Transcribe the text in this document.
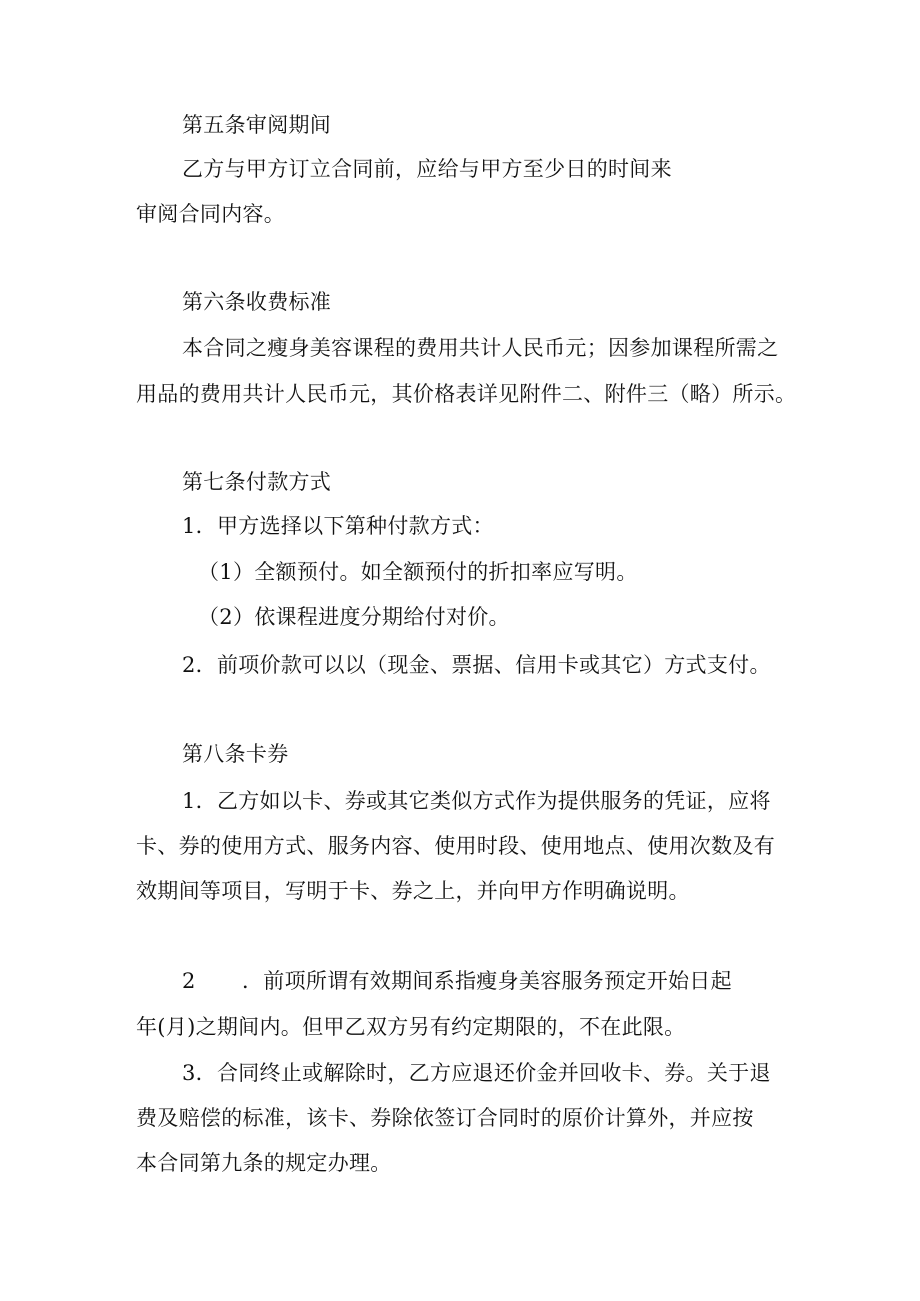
第五条审阅期间
乙方与甲方订立合同前，应给与甲方至少日的时间来
审阅合同内容。
第六条收费标准
本合同之瘦身美容课程的费用共计人民币元；因参加课程所需之
用品的费用共计人民币元，其价格表详见附件二、附件三（略）所示。
第七条付款方式
1．甲方选择以下第种付款方式：
（1）全额预付。如全额预付的折扣率应写明。
（2）依课程进度分期给付对价。
2．前项价款可以以（现金、票据、信用卡或其它）方式支付。
第八条卡券
1．乙方如以卡、券或其它类似方式作为提供服务的凭证，应将
卡、券的使用方式、服务内容、使用时段、使用地点、使用次数及有
效期间等项目，写明于卡、券之上，并向甲方作明确说明。
2 ．前项所谓有效期间系指瘦身美容服务预定开始日起
年(月)之期间内。但甲乙双方另有约定期限的，不在此限。
3．合同终止或解除时，乙方应退还价金并回收卡、券。关于退
费及赔偿的标准，该卡、券除依签订合同时的原价计算外，并应按
本合同第九条的规定办理。
